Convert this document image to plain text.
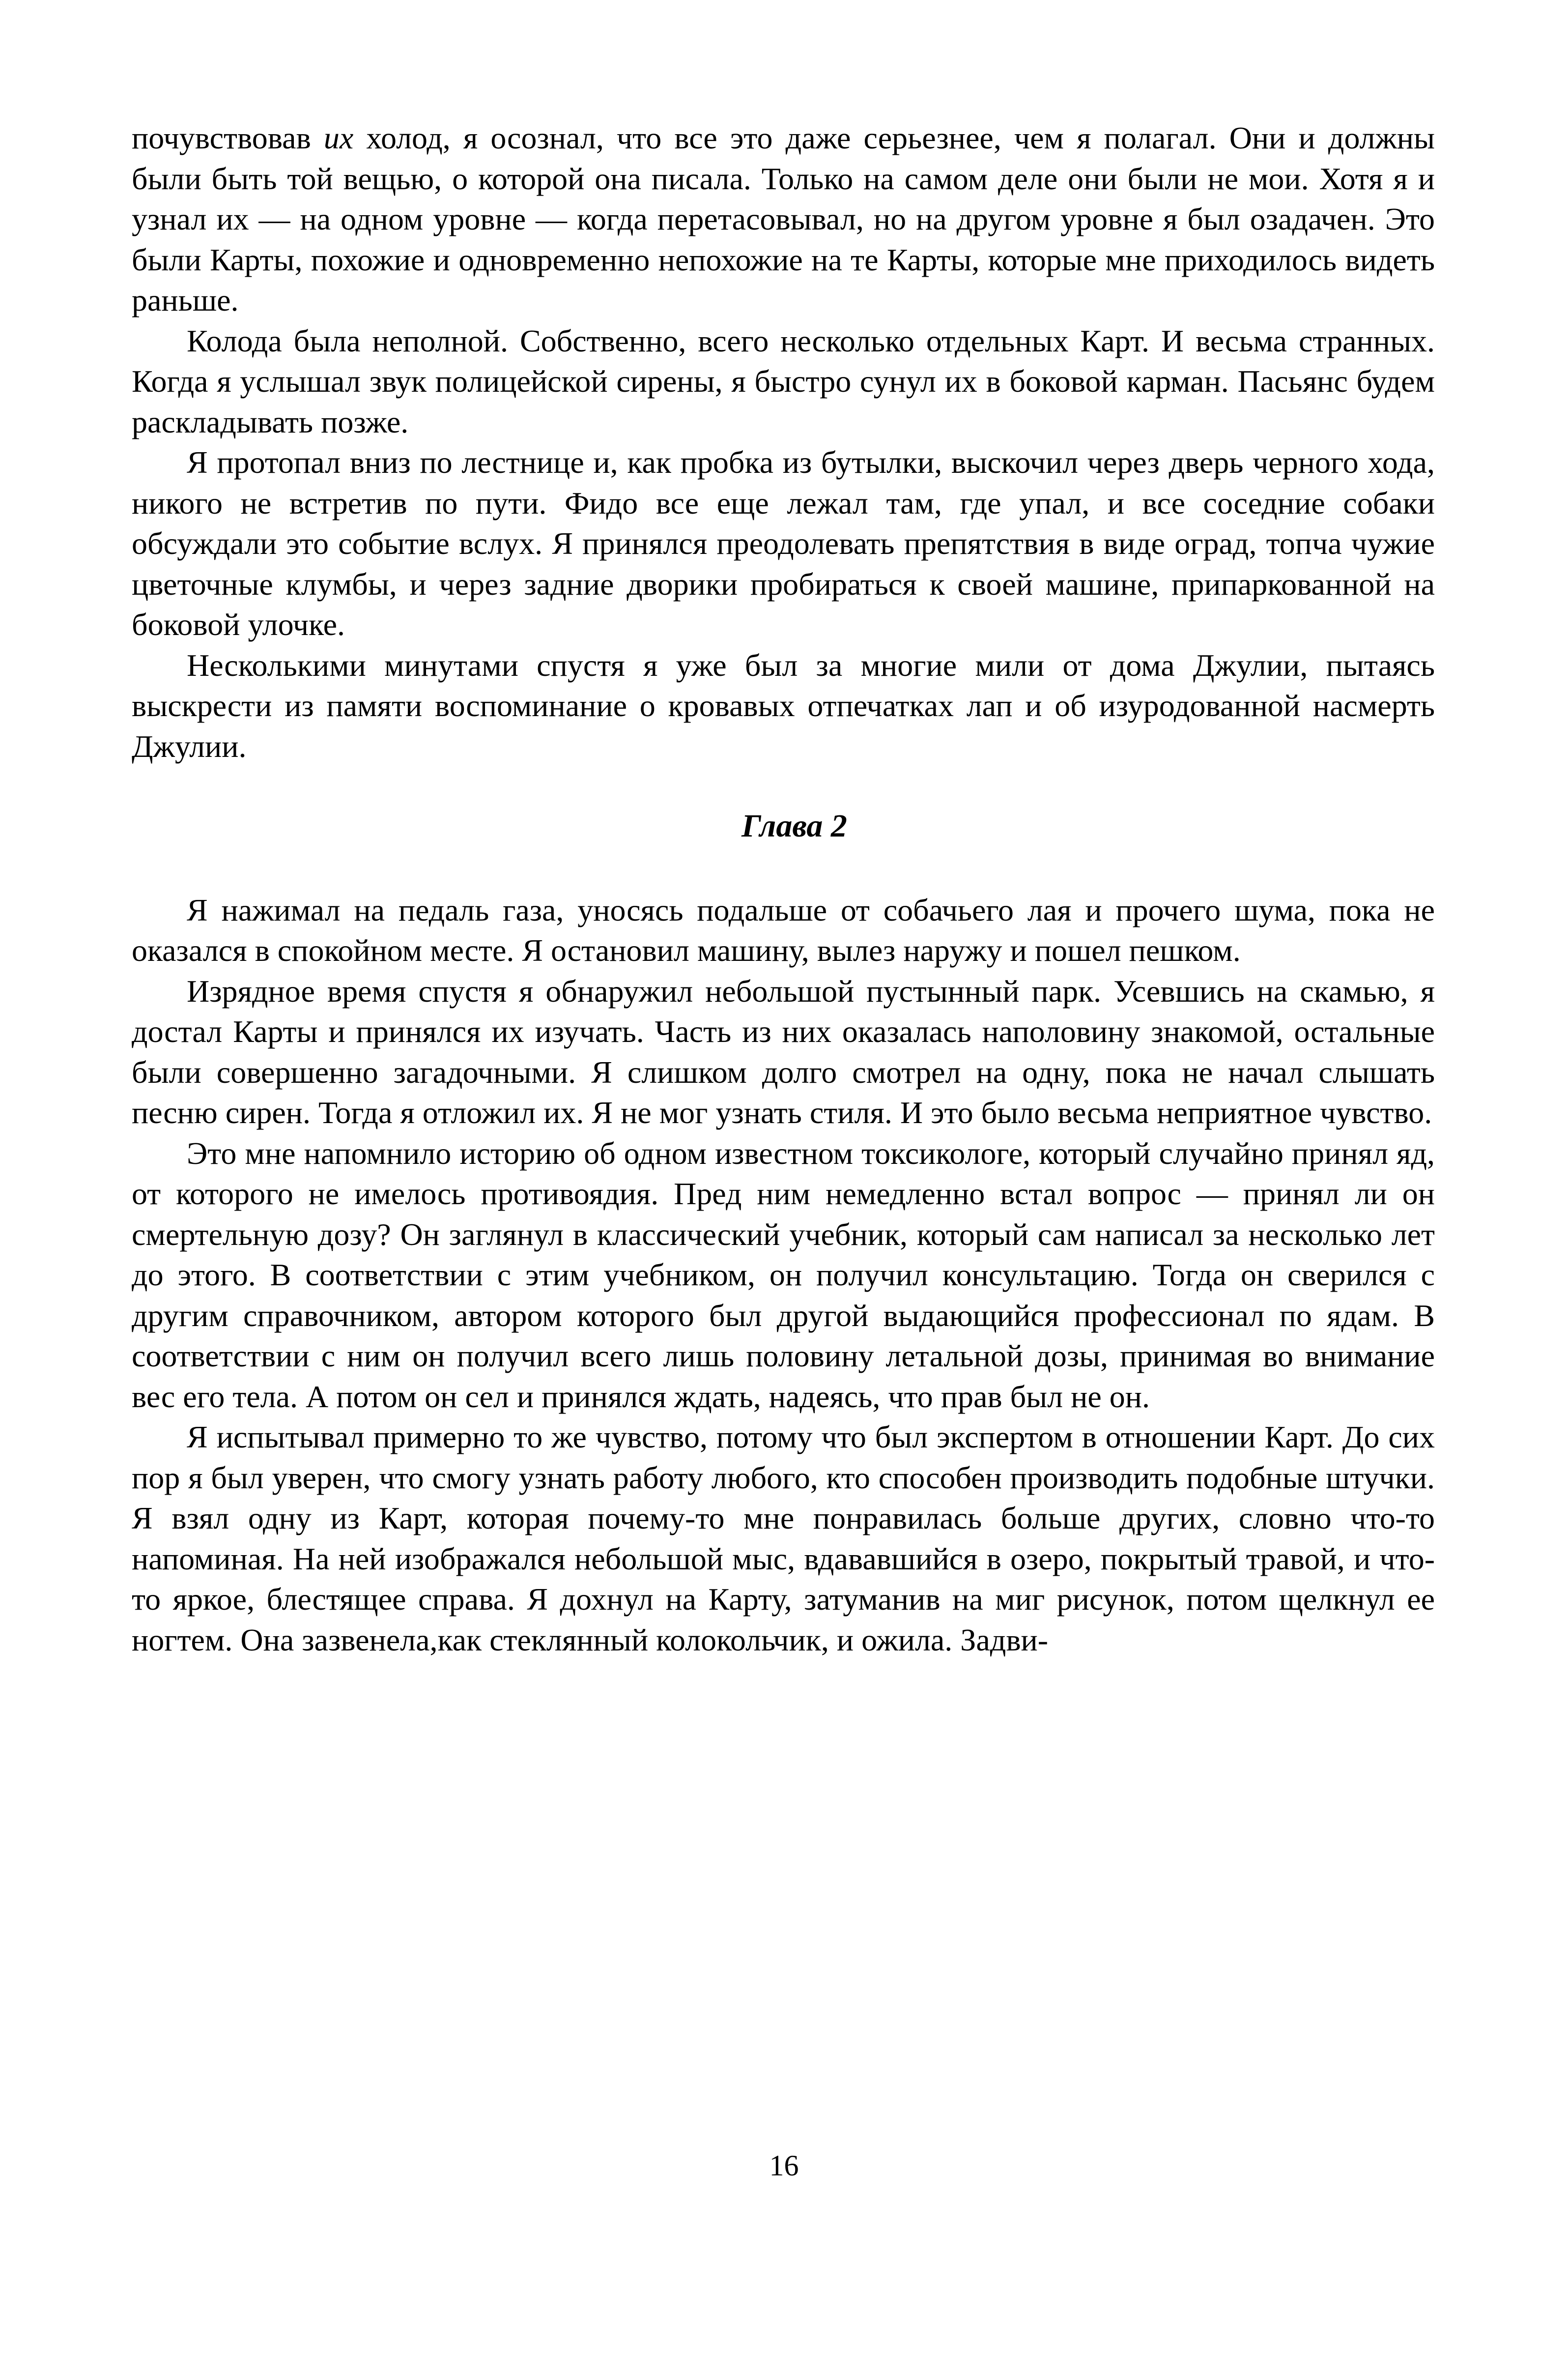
почувствовав их холод, я осознал, что все это даже серьезнее, чем я полагал. Они и должны были быть той вещью, о которой она писала. Только на самом деле они были не мои. Хотя я и узнал их — на одном уровне — когда перетасовывал, но на другом уровне я был озадачен. Это были Карты, похожие и одновременно непохожие на те Карты, которые мне приходилось видеть раньше.

Колода была неполной. Собственно, всего несколько отдельных Карт. И весьма странных. Когда я услышал звук полицейской сирены, я быстро сунул их в боковой карман. Пасьянс будем раскладывать позже.

Я протопал вниз по лестнице и, как пробка из бутылки, выскочил через дверь черного хода, никого не встретив по пути. Фидо все еще лежал там, где упал, и все соседние собаки обсуждали это событие вслух. Я принялся преодолевать препятствия в виде оград, топча чужие цветочные клумбы, и через задние дворики пробираться к своей машине, припаркованной на боковой улочке.

Несколькими минутами спустя я уже был за многие мили от дома Джулии, пытаясь выскрести из памяти воспоминание о кровавых отпечатках лап и об изуродованной насмерть Джулии.

Глава 2

Я нажимал на педаль газа, уносясь подальше от собачьего лая и прочего шума, пока не оказался в спокойном месте. Я остановил машину, вылез наружу и пошел пешком.

Изрядное время спустя я обнаружил небольшой пустынный парк. Усевшись на скамью, я достал Карты и принялся их изучать. Часть из них оказалась наполовину знакомой, остальные были совершенно загадочными. Я слишком долго смотрел на одну, пока не начал слышать песню сирен. Тогда я отложил их. Я не мог узнать стиля. И это было весьма неприятное чувство.

Это мне напомнило историю об одном известном токсикологе, который случайно принял яд, от которого не имелось противоядия. Пред ним немедленно встал вопрос — принял ли он смертельную дозу? Он заглянул в классический учебник, который сам написал за несколько лет до этого. В соответствии с этим учебником, он получил консультацию. Тогда он сверился с другим справочником, автором которого был другой выдающийся профессионал по ядам. В соответствии с ним он получил всего лишь половину летальной дозы, принимая во внимание вес его тела. А потом он сел и принялся ждать, надеясь, что прав был не он.

Я испытывал примерно то же чувство, потому что был экспертом в отношении Карт. До сих пор я был уверен, что смогу узнать работу любого, кто способен производить подобные штучки. Я взял одну из Карт, которая почему-то мне понравилась больше других, словно что-то напоминая. На ней изображался небольшой мыс, вдававшийся в озеро, покрытый травой, и что-то яркое, блестящее справа. Я дохнул на Карту, затуманив на миг рисунок, потом щелкнул ее ногтем. Она зазвенела,как стеклянный колокольчик, и ожила. Задви-

16
